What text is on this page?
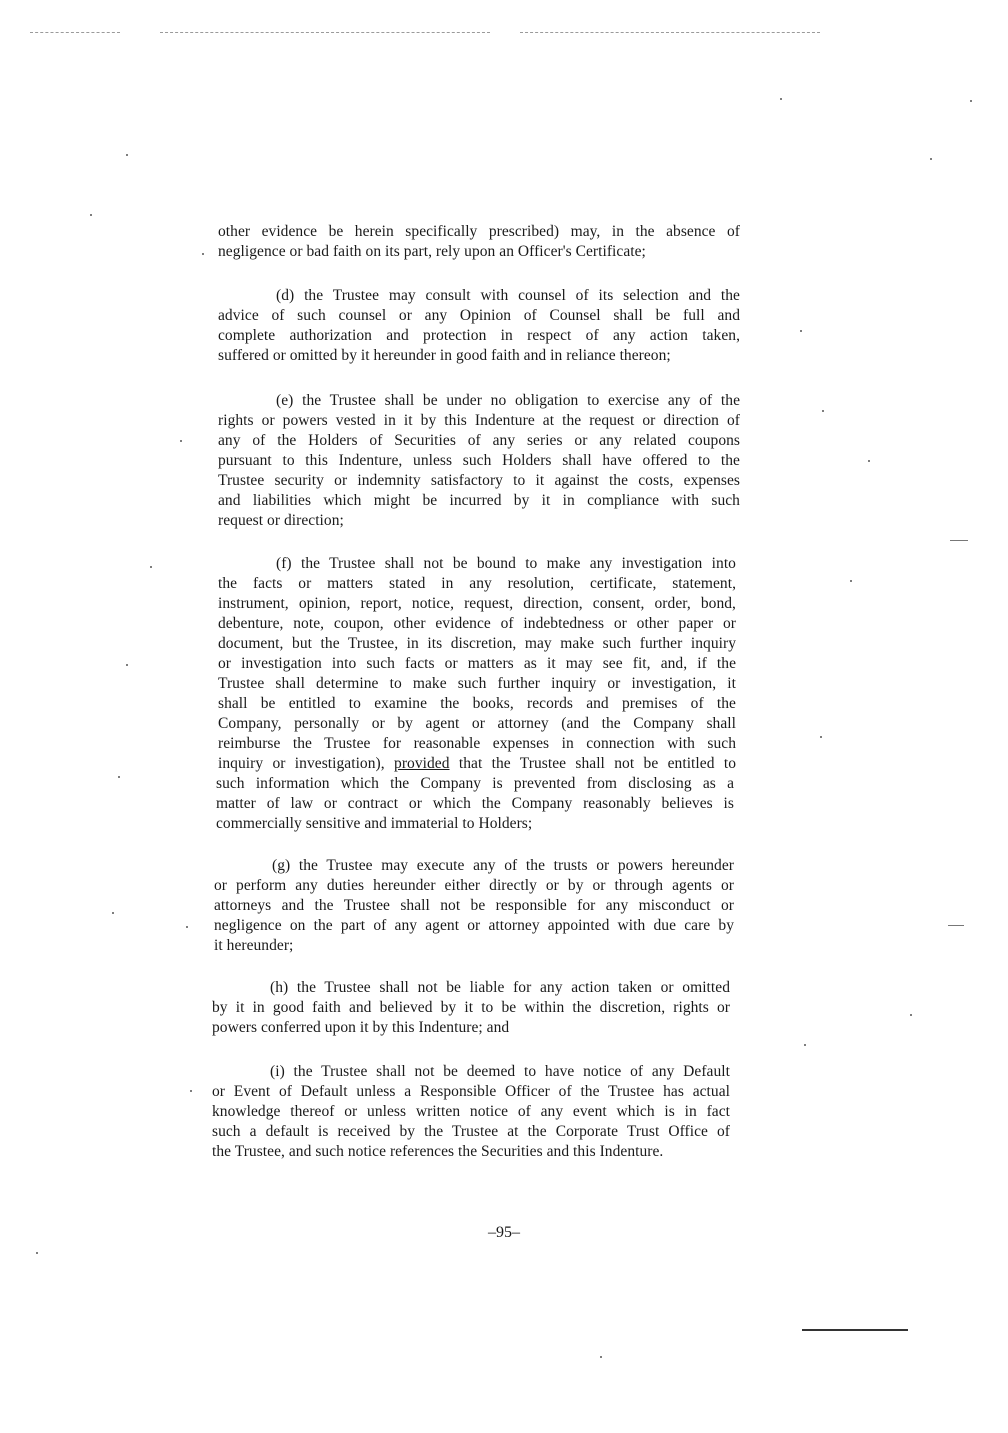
other evidence be herein specifically prescribed) may, in the absence of
negligence or bad faith on its part, rely upon an Officer's Certificate;
(d) the Trustee may consult with counsel of its selection and the
advice of such counsel or any Opinion of Counsel shall be full and
complete authorization and protection in respect of any action taken,
suffered or omitted by it hereunder in good faith and in reliance thereon;
(e) the Trustee shall be under no obligation to exercise any of the
rights or powers vested in it by this Indenture at the request or direction of
any of the Holders of Securities of any series or any related coupons
pursuant to this Indenture, unless such Holders shall have offered to the
Trustee security or indemnity satisfactory to it against the costs, expenses
and liabilities which might be incurred by it in compliance with such
request or direction;
(f) the Trustee shall not be bound to make any investigation into
the facts or matters stated in any resolution, certificate, statement,
instrument, opinion, report, notice, request, direction, consent, order, bond,
debenture, note, coupon, other evidence of indebtedness or other paper or
document, but the Trustee, in its discretion, may make such further inquiry
or investigation into such facts or matters as it may see fit, and, if the
Trustee shall determine to make such further inquiry or investigation, it
shall be entitled to examine the books, records and premises of the
Company, personally or by agent or attorney (and the Company shall
reimburse the Trustee for reasonable expenses in connection with such
inquiry or investigation), provided that the Trustee shall not be entitled to
such information which the Company is prevented from disclosing as a
matter of law or contract or which the Company reasonably believes is
commercially sensitive and immaterial to Holders;
(g) the Trustee may execute any of the trusts or powers hereunder
or perform any duties hereunder either directly or by or through agents or
attorneys and the Trustee shall not be responsible for any misconduct or
negligence on the part of any agent or attorney appointed with due care by
it hereunder;
(h) the Trustee shall not be liable for any action taken or omitted
by it in good faith and believed by it to be within the discretion, rights or
powers conferred upon it by this Indenture; and
(i) the Trustee shall not be deemed to have notice of any Default
or Event of Default unless a Responsible Officer of the Trustee has actual
knowledge thereof or unless written notice of any event which is in fact
such a default is received by the Trustee at the Corporate Trust Office of
the Trustee, and such notice references the Securities and this Indenture.
–95–
